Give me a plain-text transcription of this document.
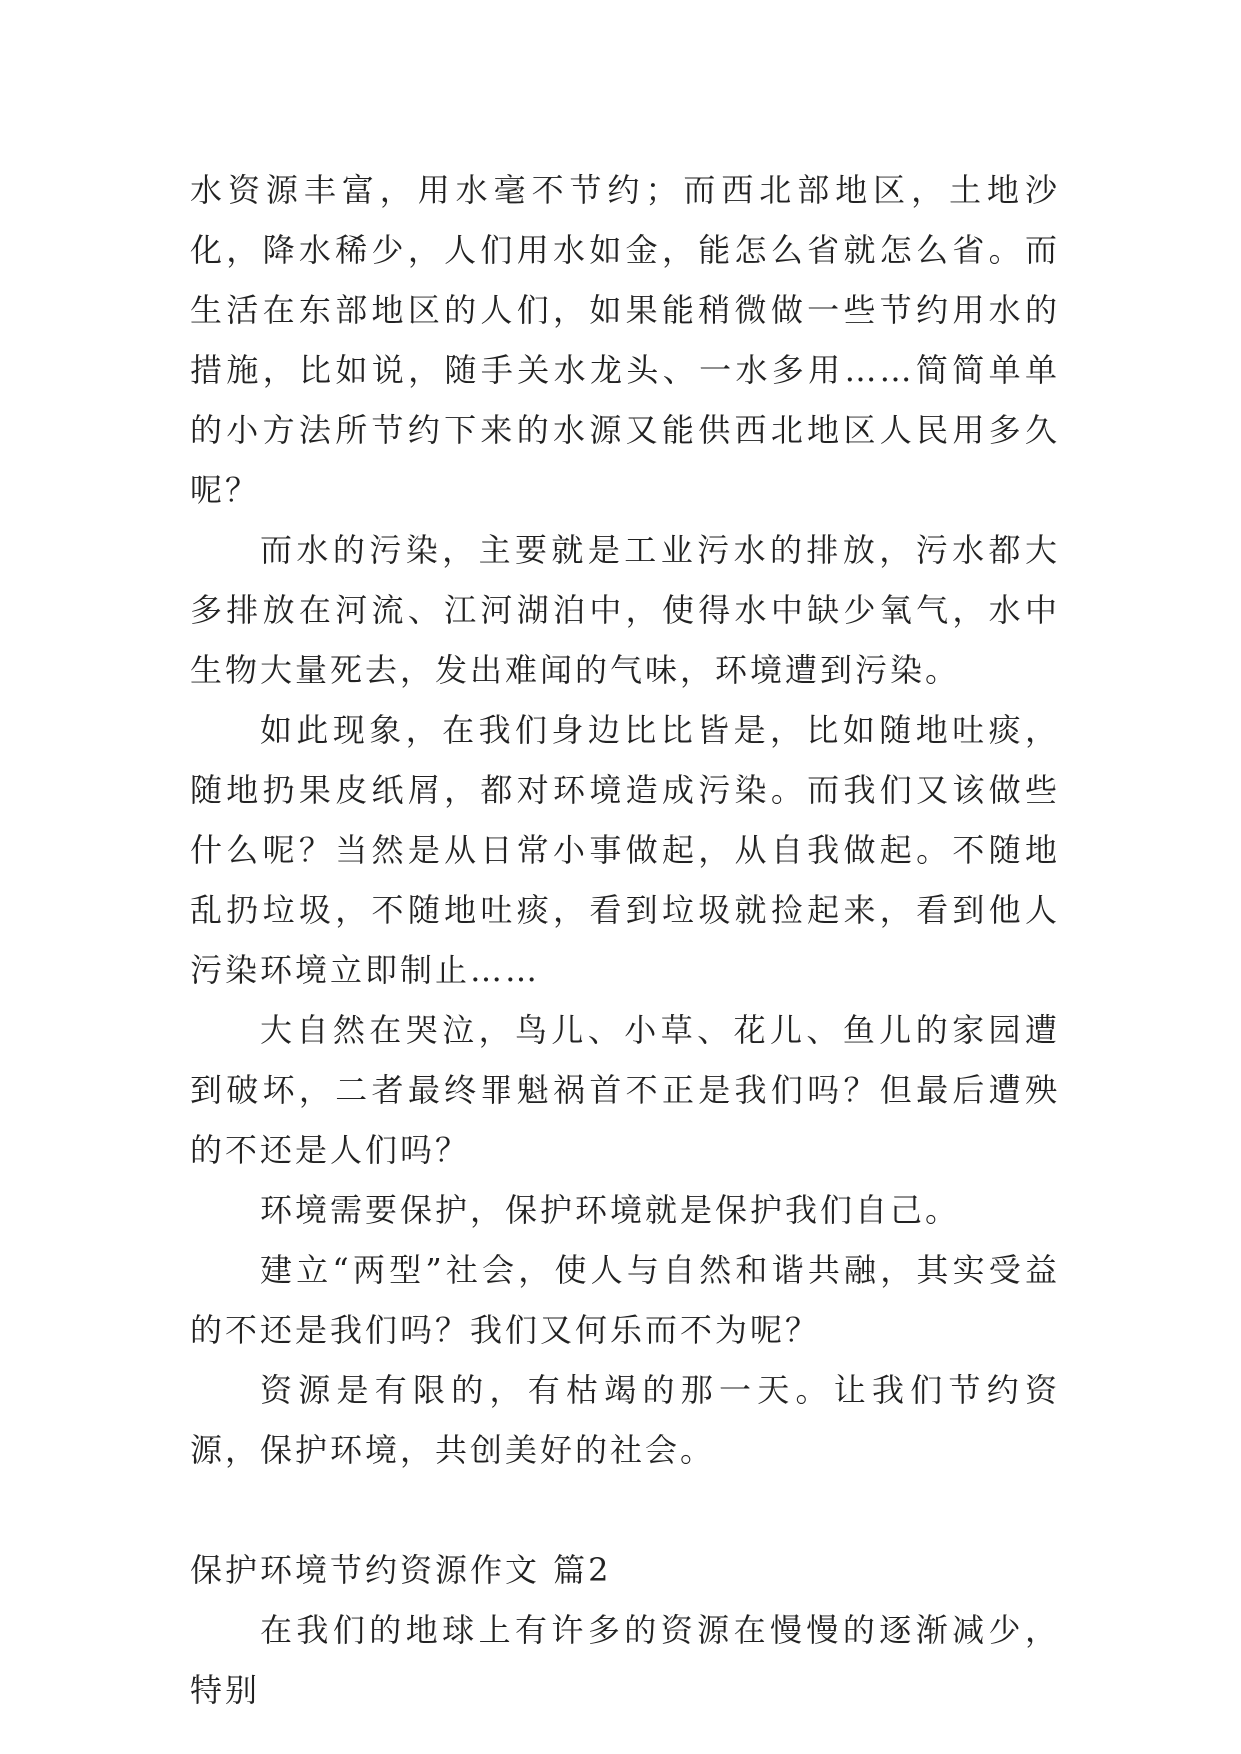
水资源丰富，用水毫不节约；而西北部地区，土地沙化，降水稀少，人们用水如金，能怎么省就怎么省。而生活在东部地区的人们，如果能稍微做一些节约用水的措施，比如说，随手关水龙头、一水多用……简简单单的小方法所节约下来的水源又能供西北地区人民用多久呢？

而水的污染，主要就是工业污水的排放，污水都大多排放在河流、江河湖泊中，使得水中缺少氧气，水中生物大量死去，发出难闻的气味，环境遭到污染。

如此现象，在我们身边比比皆是，比如随地吐痰，随地扔果皮纸屑，都对环境造成污染。而我们又该做些什么呢？当然是从日常小事做起，从自我做起。不随地乱扔垃圾，不随地吐痰，看到垃圾就捡起来，看到他人污染环境立即制止……

大自然在哭泣，鸟儿、小草、花儿、鱼儿的家园遭到破坏，二者最终罪魁祸首不正是我们吗？但最后遭殃的不还是人们吗？

环境需要保护，保护环境就是保护我们自己。

建立“两型”社会，使人与自然和谐共融，其实受益的不还是我们吗？我们又何乐而不为呢？

资源是有限的，有枯竭的那一天。让我们节约资源，保护环境，共创美好的社会。

保护环境节约资源作文 篇2

在我们的地球上有许多的资源在慢慢的逐渐减少，特别
